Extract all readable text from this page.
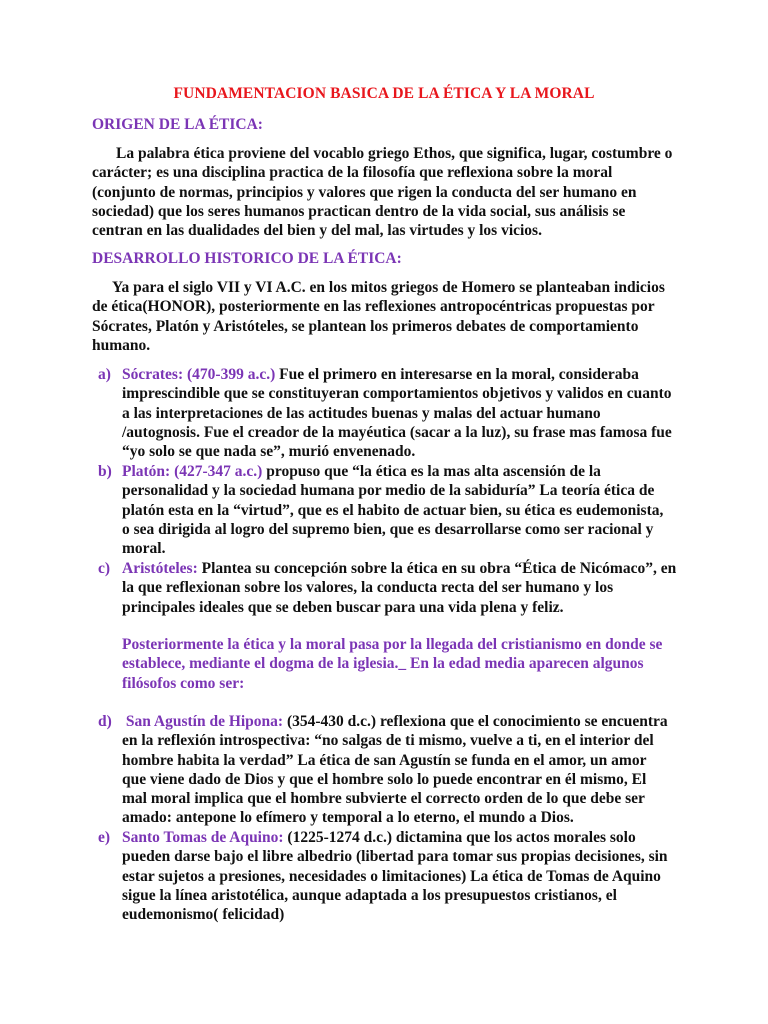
FUNDAMENTACION BASICA DE LA ÉTICA Y LA MORAL
ORIGEN DE LA ÉTICA:
La palabra ética proviene del vocablo griego Ethos, que significa, lugar, costumbre o
carácter; es una disciplina practica de la filosofía que reflexiona sobre la moral
(conjunto de normas, principios y valores que rigen la conducta del ser humano en
sociedad) que los seres humanos practican dentro de la vida social, sus análisis se
centran en las dualidades del bien y del mal, las virtudes y los vicios.
DESARROLLO HISTORICO DE LA ÉTICA:
Ya para el siglo VII y VI A.C. en los mitos griegos de Homero se planteaban indicios
de ética(HONOR), posteriormente en las reflexiones antropocéntricas propuestas por
Sócrates, Platón y Aristóteles, se plantean los primeros debates de comportamiento
humano.
a) Sócrates: (470-399 a.c.) Fue el primero en interesarse en la moral, consideraba
imprescindible que se constituyeran comportamientos objetivos y validos en cuanto
a las interpretaciones de las actitudes buenas y malas del actuar humano
/autognosis. Fue el creador de la mayéutica (sacar a la luz), su frase mas famosa fue
“yo solo se que nada se”, murió envenenado.
b) Platón: (427-347 a.c.) propuso que “la ética es la mas alta ascensión de la
personalidad y la sociedad humana por medio de la sabiduría” La teoría ética de
platón esta en la “virtud”, que es el habito de actuar bien, su ética es eudemonista,
o sea dirigida al logro del supremo bien, que es desarrollarse como ser racional y
moral.
c) Aristóteles: Plantea su concepción sobre la ética en su obra “Ética de Nicómaco”, en
la que reflexionan sobre los valores, la conducta recta del ser humano y los
principales ideales que se deben buscar para una vida plena y feliz.
Posteriormente la ética y la moral pasa por la llegada del cristianismo en donde se
establece, mediante el dogma de la iglesia._ En la edad media aparecen algunos
filósofos como ser:
d) San Agustín de Hipona: (354-430 d.c.) reflexiona que el conocimiento se encuentra
en la reflexión introspectiva: “no salgas de ti mismo, vuelve a ti, en el interior del
hombre habita la verdad” La ética de san Agustín se funda en el amor, un amor
que viene dado de Dios y que el hombre solo lo puede encontrar en él mismo, El
mal moral implica que el hombre subvierte el correcto orden de lo que debe ser
amado: antepone lo efímero y temporal a lo eterno, el mundo a Dios.
e) Santo Tomas de Aquino: (1225-1274 d.c.) dictamina que los actos morales solo
pueden darse bajo el libre albedrio (libertad para tomar sus propias decisiones, sin
estar sujetos a presiones, necesidades o limitaciones) La ética de Tomas de Aquino
sigue la línea aristotélica, aunque adaptada a los presupuestos cristianos, el
eudemonismo( felicidad)
